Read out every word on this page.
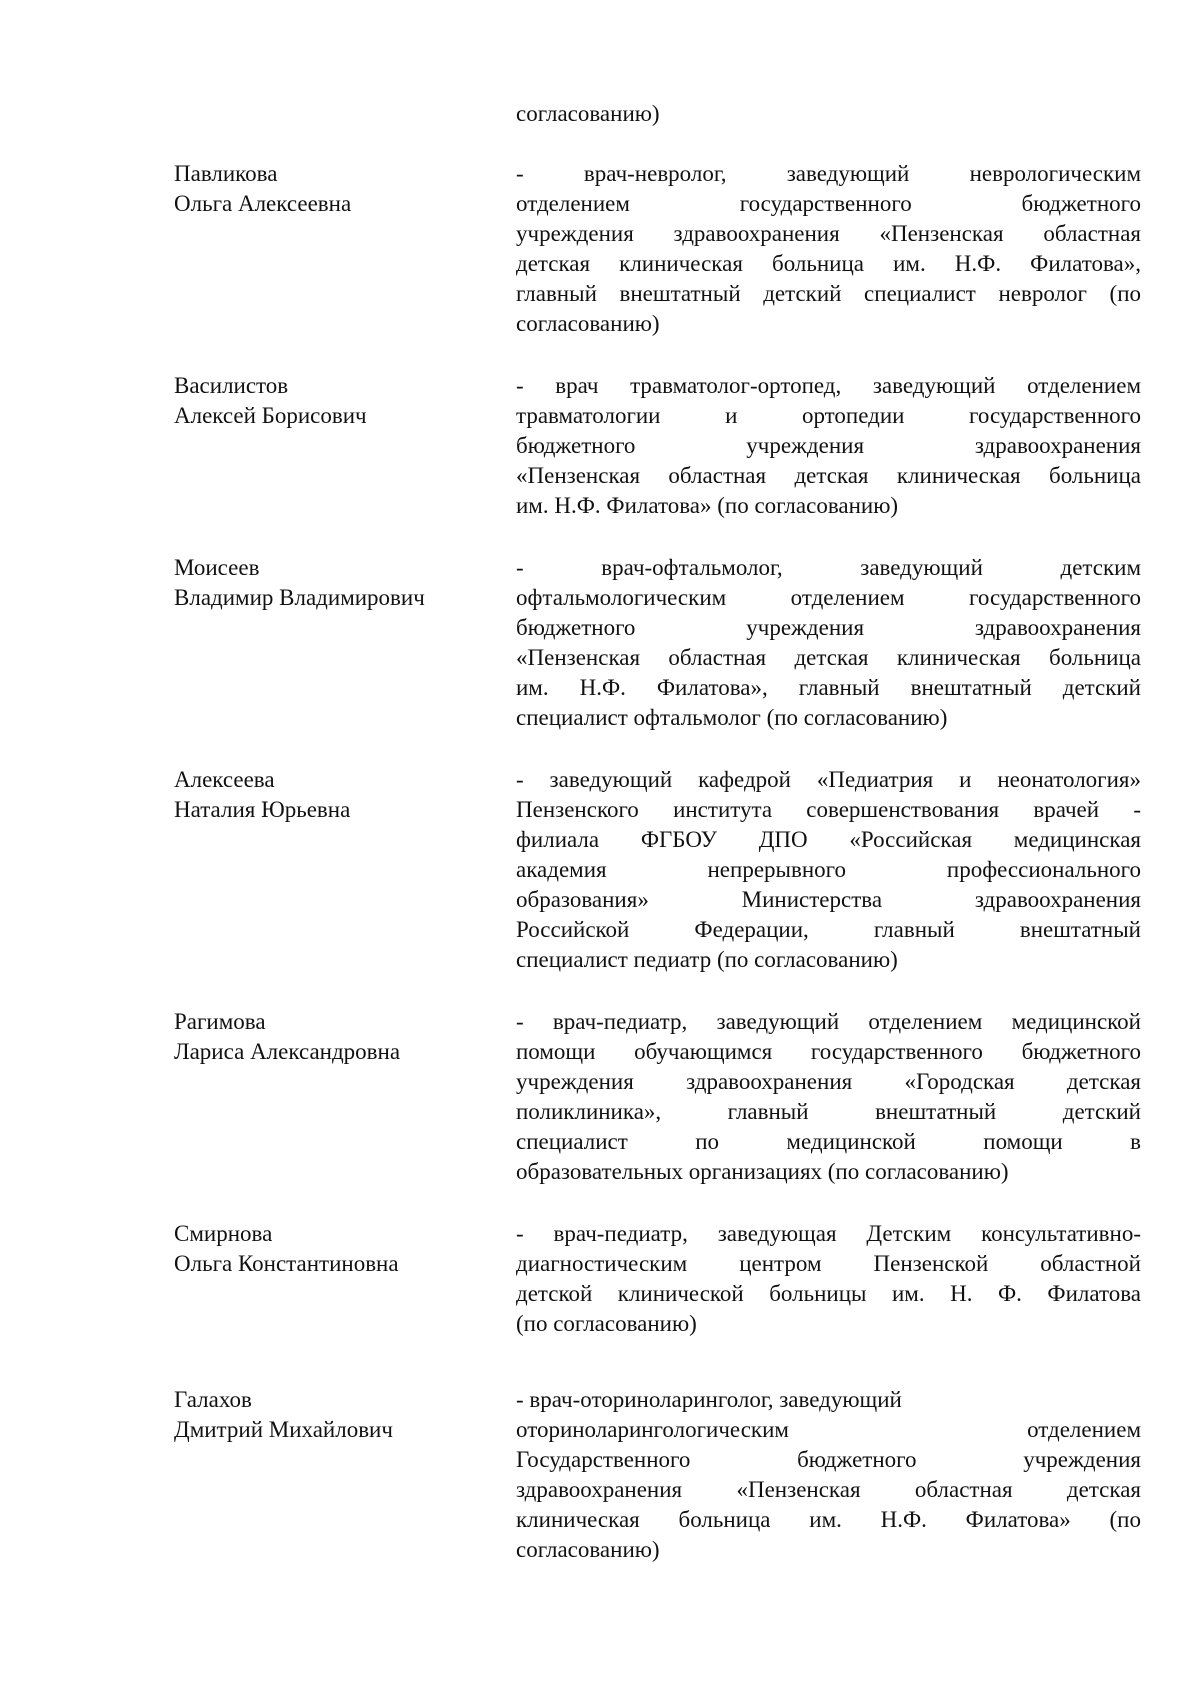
согласованию)
Павликова
Ольга Алексеевна
- врач-невролог, заведующий неврологическим
отделением государственного бюджетного
учреждения здравоохранения «Пензенская областная
детская клиническая больница им. Н.Ф. Филатова»,
главный внештатный детский специалист невролог (по
согласованию)
Василистов
Алексей Борисович
- врач травматолог-ортопед, заведующий отделением
травматологии и ортопедии государственного
бюджетного учреждения здравоохранения
«Пензенская областная детская клиническая больница
им. Н.Ф. Филатова» (по согласованию)
Моисеев
Владимир Владимирович
- врач-офтальмолог, заведующий детским
офтальмологическим отделением государственного
бюджетного учреждения здравоохранения
«Пензенская областная детская клиническая больница
им. Н.Ф. Филатова», главный внештатный детский
специалист офтальмолог (по согласованию)
Алексеева
Наталия Юрьевна
- заведующий кафедрой «Педиатрия и неонатология»
Пензенского института совершенствования врачей -
филиала ФГБОУ ДПО «Российская медицинская
академия непрерывного профессионального
образования» Министерства здравоохранения
Российской Федерации, главный внештатный
специалист педиатр (по согласованию)
Рагимова
Лариса Александровна
- врач-педиатр, заведующий отделением медицинской
помощи обучающимся государственного бюджетного
учреждения здравоохранения «Городская детская
поликлиника», главный внештатный детский
специалист по медицинской помощи в
образовательных организациях (по согласованию)
Смирнова
Ольга Константиновна
- врач-педиатр, заведующая Детским консультативно-
диагностическим центром Пензенской областной
детской клинической больницы им. Н. Ф. Филатова
(по согласованию)
Галахов
Дмитрий Михайлович
- врач-оториноларинголог, заведующий
оториноларингологическим отделением
Государственного бюджетного учреждения
здравоохранения «Пензенская областная детская
клиническая больница им. Н.Ф. Филатова» (по
согласованию)
